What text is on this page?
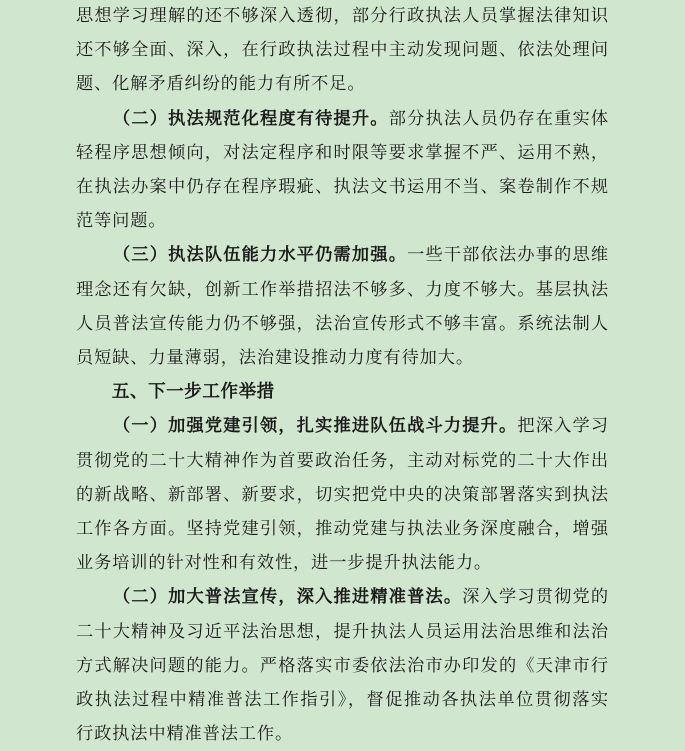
思想学习理解的还不够深入透彻，部分行政执法人员掌握法律知识还不够全面、深入，在行政执法过程中主动发现问题、依法处理问题、化解矛盾纠纷的能力有所不足。

（二）执法规范化程度有待提升。部分执法人员仍存在重实体轻程序思想倾向，对法定程序和时限等要求掌握不严、运用不熟，在执法办案中仍存在程序瑕疵、执法文书运用不当、案卷制作不规范等问题。

（三）执法队伍能力水平仍需加强。一些干部依法办事的思维理念还有欠缺，创新工作举措招法不够多、力度不够大。基层执法人员普法宣传能力仍不够强，法治宣传形式不够丰富。系统法制人员短缺、力量薄弱，法治建设推动力度有待加大。

五、下一步工作举措

（一）加强党建引领，扎实推进队伍战斗力提升。把深入学习贯彻党的二十大精神作为首要政治任务，主动对标党的二十大作出的新战略、新部署、新要求，切实把党中央的决策部署落实到执法工作各方面。坚持党建引领，推动党建与执法业务深度融合，增强业务培训的针对性和有效性，进一步提升执法能力。

（二）加大普法宣传，深入推进精准普法。深入学习贯彻党的二十大精神及习近平法治思想，提升执法人员运用法治思维和法治方式解决问题的能力。严格落实市委依法治市办印发的《天津市行政执法过程中精准普法工作指引》，督促推动各执法单位贯彻落实行政执法中精准普法工作。
